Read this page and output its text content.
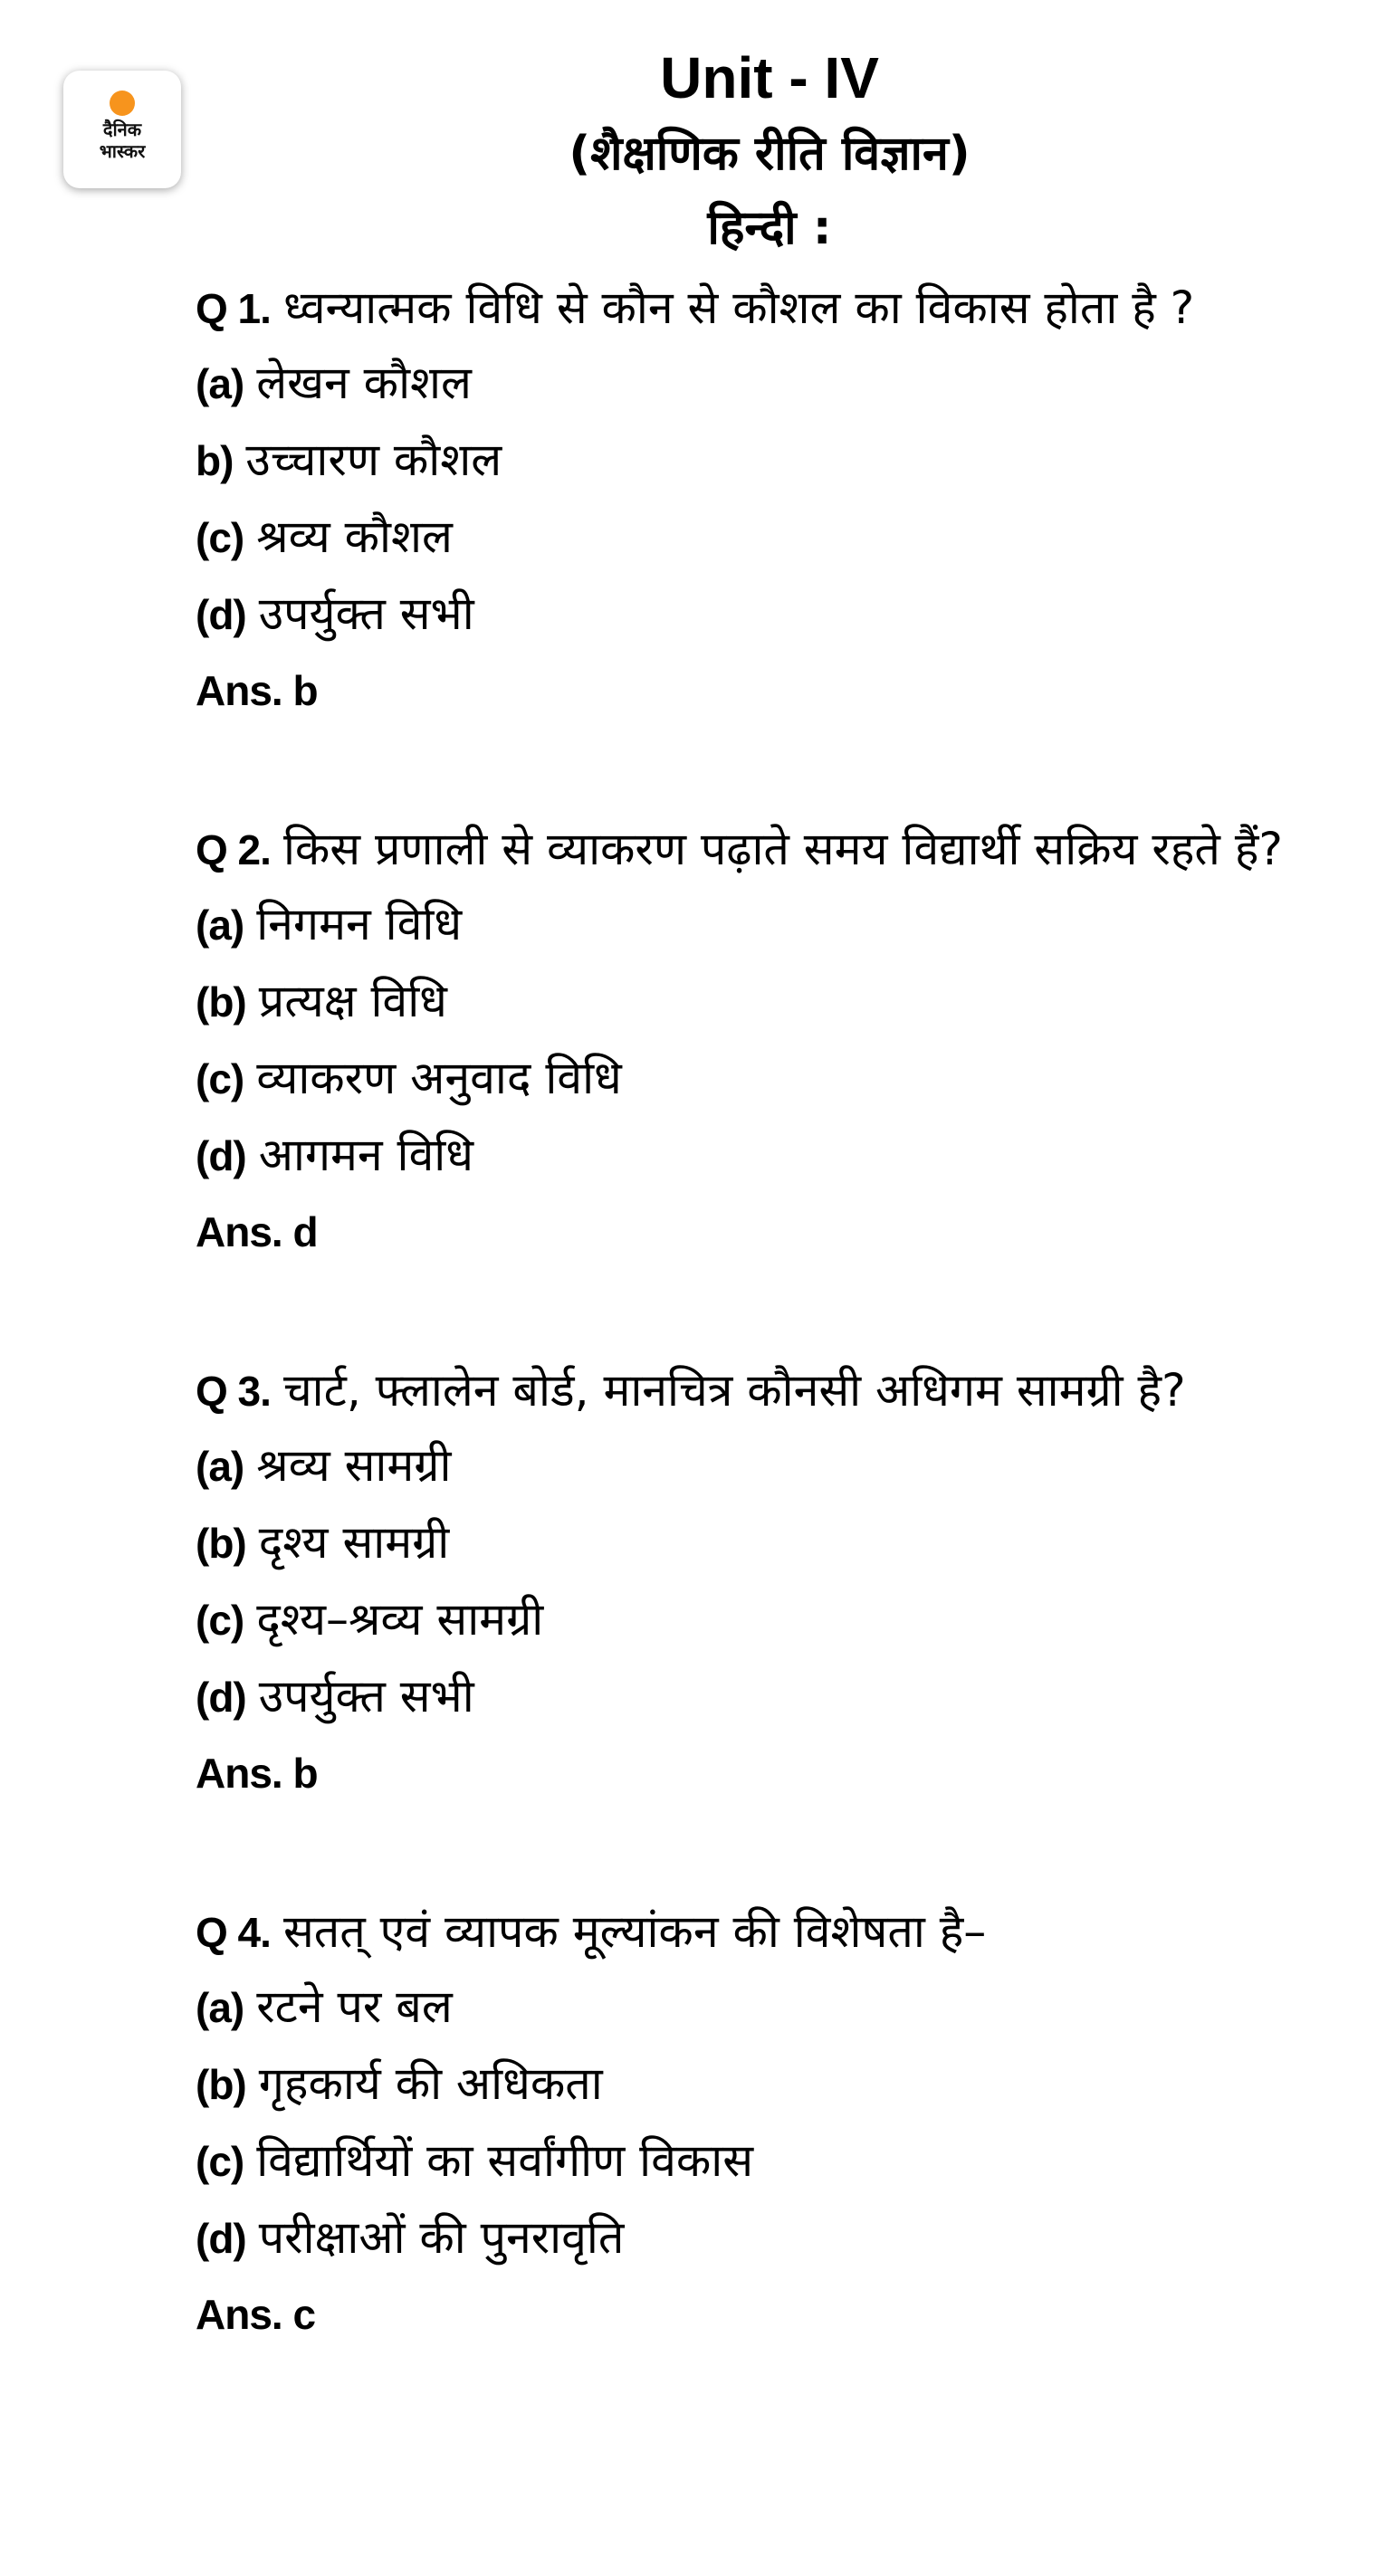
दैनिक
भास्कर
Unit - IV
(शैक्षणिक रीति विज्ञान)
हिन्दी :

Q 1. ध्वन्यात्मक विधि से कौन से कौशल का विकास होता है ?

(a) लेखन कौशल

b) उच्चारण कौशल

(c) श्रव्य कौशल

(d) उपर्युक्त सभी

Ans. b

Q 2. किस प्रणाली से व्याकरण पढ़ाते समय विद्यार्थी सक्रिय रहते हैं?

(a) निगमन विधि

(b) प्रत्यक्ष विधि

(c) व्याकरण अनुवाद विधि

(d) आगमन विधि

Ans. d

Q 3. चार्ट, फ्लालेन बोर्ड, मानचित्र कौनसी अधिगम सामग्री है?

(a) श्रव्य सामग्री

(b) दृश्य सामग्री

(c) दृश्य–श्रव्य सामग्री

(d) उपर्युक्त सभी

Ans. b

Q 4. सतत् एवं व्यापक मूल्यांकन की विशेषता है–

(a) रटने पर बल

(b) गृहकार्य की अधिकता

(c) विद्यार्थियों का सर्वांगीण विकास

(d) परीक्षाओं की पुनरावृति

Ans. c
